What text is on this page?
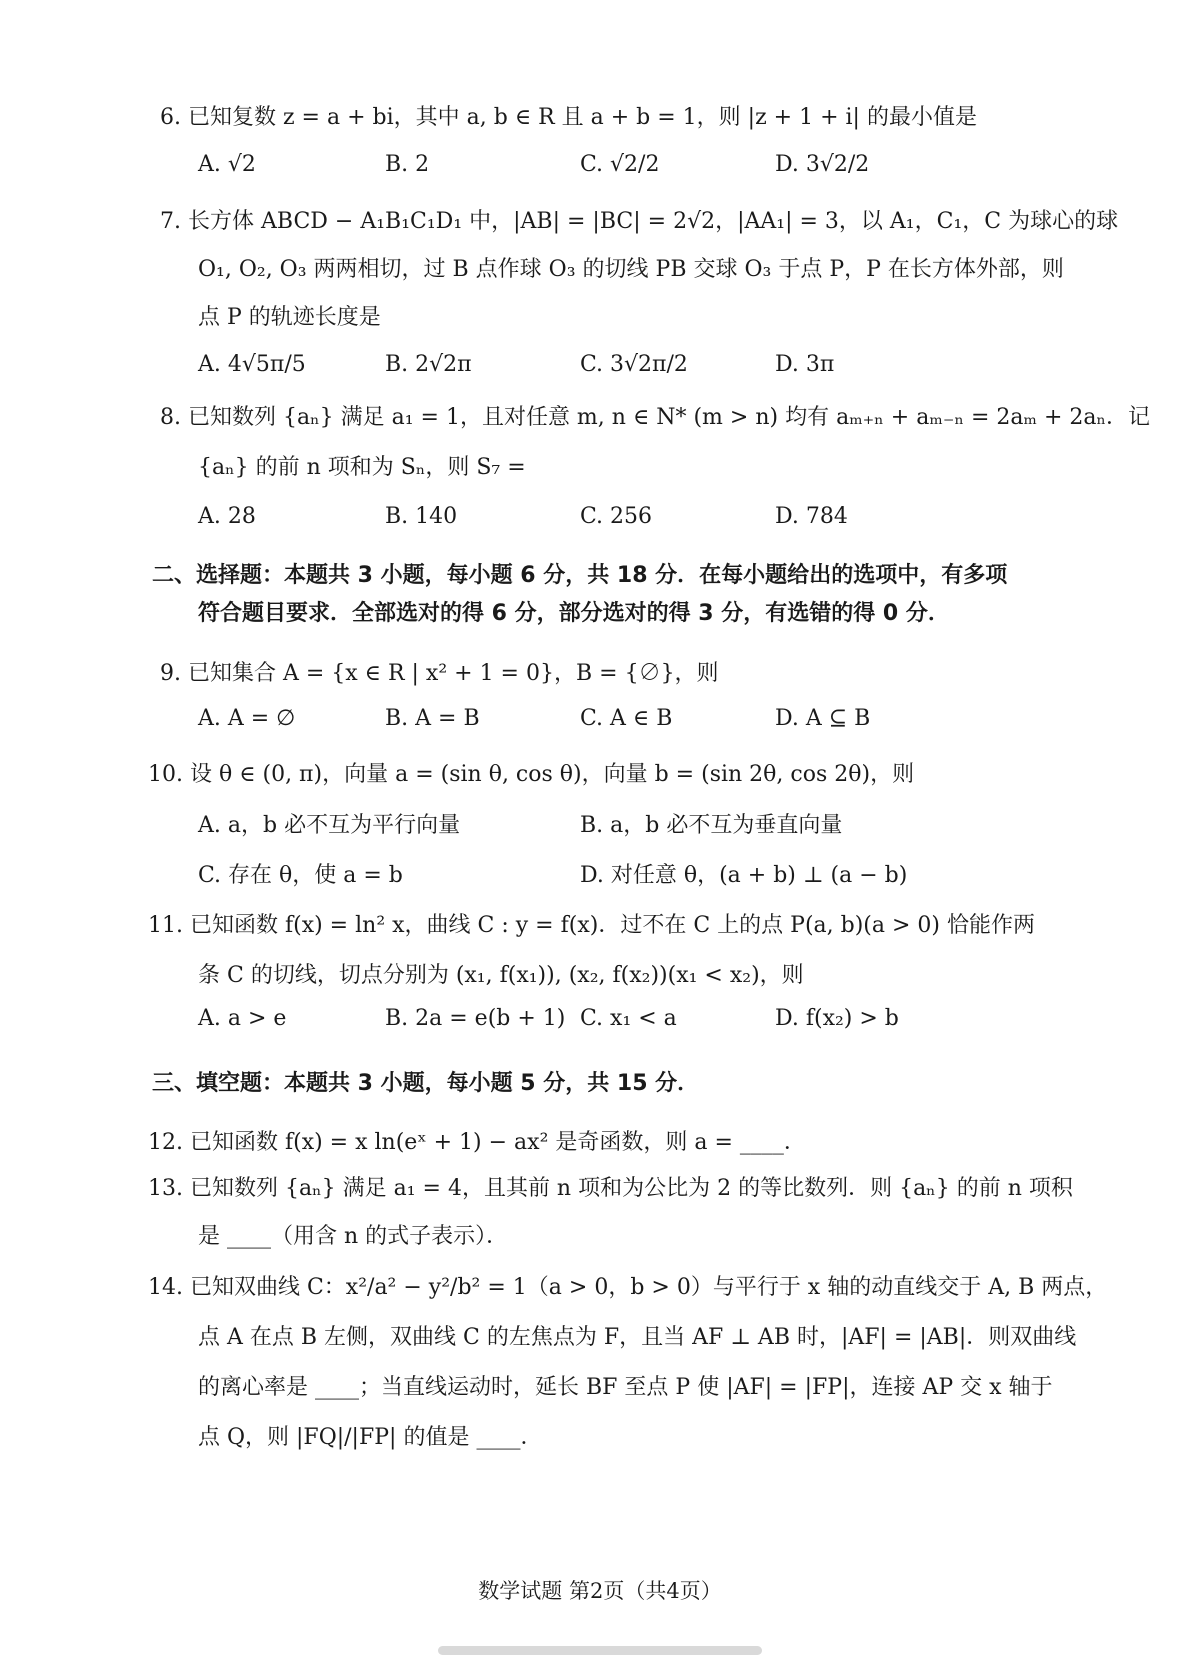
6. 已知复数 z = a + bi，其中 a, b ∈ R 且 a + b = 1，则 |z + 1 + i| 的最小值是
A. √2	B. 2	C. √2/2	D. 3√2/2
7. 长方体 ABCD − A₁B₁C₁D₁ 中，|AB| = |BC| = 2√2，|AA₁| = 3，以 A₁，C₁，C 为球心的球
O₁, O₂, O₃ 两两相切，过 B 点作球 O₃ 的切线 PB 交球 O₃ 于点 P，P 在长方体外部，则
点 P 的轨迹长度是
A. 4√5π/5	B. 2√2π	C. 3√2π/2	D. 3π
8. 已知数列 {aₙ} 满足 a₁ = 1，且对任意 m, n ∈ N* (m > n) 均有 aₘ₊ₙ + aₘ₋ₙ = 2aₘ + 2aₙ．记
{aₙ} 的前 n 项和为 Sₙ，则 S₇ =
A. 28	B. 140	C. 256	D. 784
二、选择题：本题共 3 小题，每小题 6 分，共 18 分．在每小题给出的选项中，有多项
符合题目要求．全部选对的得 6 分，部分选对的得 3 分，有选错的得 0 分．
9. 已知集合 A = {x ∈ R | x² + 1 = 0}，B = {∅}，则
A. A = ∅	B. A = B	C. A ∈ B	D. A ⊆ B
10. 设 θ ∈ (0, π)，向量 a = (sin θ, cos θ)，向量 b = (sin 2θ, cos 2θ)，则
A. a，b 必不互为平行向量	B. a，b 必不互为垂直向量
C. 存在 θ，使 a = b	D. 对任意 θ，(a + b) ⊥ (a − b)
11. 已知函数 f(x) = ln² x，曲线 C : y = f(x)．过不在 C 上的点 P(a, b)(a > 0) 恰能作两
条 C 的切线，切点分别为 (x₁, f(x₁)), (x₂, f(x₂))(x₁ < x₂)，则
A. a > e	B. 2a = e(b + 1) C. x₁ < a	D. f(x₂) > b
三、填空题：本题共 3 小题，每小题 5 分，共 15 分．
12. 已知函数 f(x) = x ln(eˣ + 1) − ax² 是奇函数，则 a = ____．
13. 已知数列 {aₙ} 满足 a₁ = 4，且其前 n 项和为公比为 2 的等比数列．则 {aₙ} 的前 n 项积
是 ____（用含 n 的式子表示）．
14. 已知双曲线 C：x²/a² − y²/b² = 1（a > 0，b > 0）与平行于 x 轴的动直线交于 A, B 两点，
点 A 在点 B 左侧，双曲线 C 的左焦点为 F，且当 AF ⊥ AB 时，|AF| = |AB|．则双曲线
的离心率是 ____；当直线运动时，延长 BF 至点 P 使 |AF| = |FP|，连接 AP 交 x 轴于
点 Q，则 |FQ|/|FP| 的值是 ____．
数学试题 第2页（共4页）
